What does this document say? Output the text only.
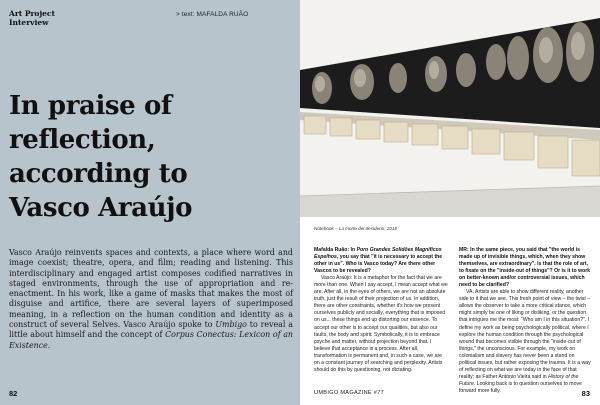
Art Project
Interview
> text: MAFALDA RUÃO
In praise of
reflection,
according to
Vasco Araújo

Vasco Araújo reinvents spaces and contexts, a place where word and image coexist; theatre, opera, and film; reading and listening. This interdisciplinary and engaged artist composes codified narratives in staged environments, through the use of appropriation and re-enactment. In his work, like a game of masks that makes the most of disguise and artifice, there are several layers of superimposed meaning, in a reflection on the human condition and identity as a construct of several Selves. Vasco Araújo spoke to Umbigo to reveal a little about himself and the concept of Corpus Conectus: Lexicon of an Existence.

82
Notebook – La morte del desiderio, 2018

Mafalda Ruão: In Poro Grandes Solidões Magnificos Espelhos, you say that "it is necessary to accept the other in us". Who is Vasco today? Are there other Vascos to be revealed?

Vasco Araújo: It is a metaphor for the fact that we are more than one. When I say accept, I mean accept what we are. After all, in the eyes of others, we are not an absolute truth, just the result of their projection of us. In addition, there are other constraints, whether it's how we present ourselves publicly and socially, everything that is imposed on us... these things end up distorting our essence. To accept our other is to accept our qualities, but also our faults, the body and spirit. Symbolically, it is to embrace psyche and matter, without projection beyond that. I believe that acceptance is a process. After all, transformation is permanent and, in such a case, we are on a constant journey of searching and perplexity. Artists should do this by questioning, not dictating.

MR: In the same piece, you said that "the world is made up of invisible things, which, when they show themselves, are extraordinary". Is that the role of art, to fixate on the "inside-out of things"? Or is it to work on better-known and/or controversial issues, which need to be clarified?

VA: Artists are able to show different reality, another side to it that we see. This fresh point of view – the twist – allows the observer to take a more critical stance, which might simply be one of liking or disliking, or the question that intrigues me the most: "Who am I in this situation?". I define my work as being psychologically political, where I explore the human condition through the psychological wound that becomes visible through the "inside-out of things," the unconscious. For example, my work on colonialism and slavery has never been a stand on political issues, but rather exposing the trauma. It is a way of reflecting on what we are today in the face of that reality; as Father António Vieira said in History of the Future. Looking back is to question ourselves to move forward more fully.

UMBIGO MAGAZINE #77	83
